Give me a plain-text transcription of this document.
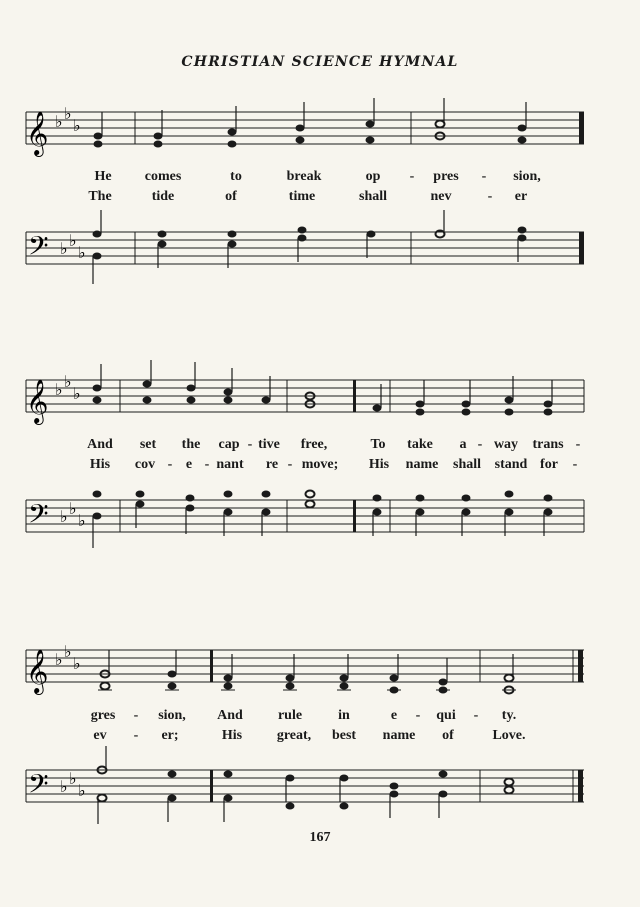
CHRISTIAN SCIENCE HYMNAL
𝄞 ♭ ♭
♭
He comes	to	break	op - pres - sion,
The	tide	of	time	shall	nev	- er
𝄢 ♭ ♭
♭
𝄞 ♭ ♭
♭
And set the cap - tive free,	To take a - way trans -
His cov - e - nant re - move; His name shall stand for -
𝄢 ♭ ♭
♭
𝄞 ♭ ♭
♭
gres - sion, And	rule	in	e - qui - ty.
ev - er;	His great, best name of	Love.
𝄢 ♭ ♭
♭
167
